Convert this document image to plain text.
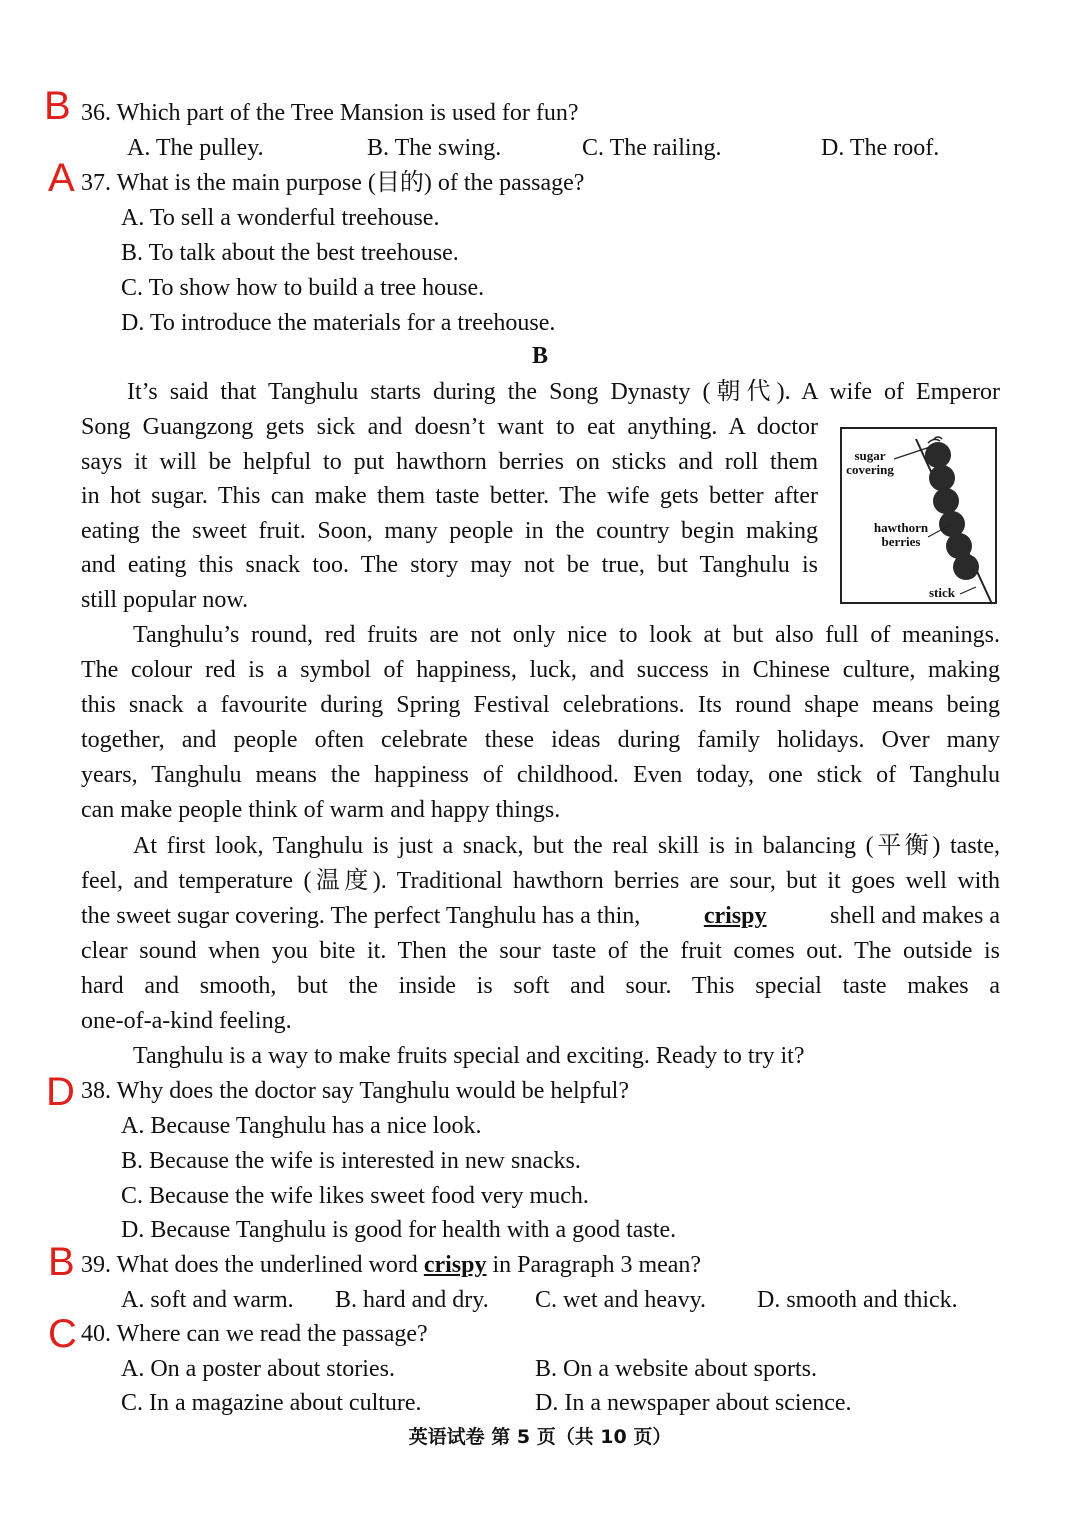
B 36. Which part of the Tree Mansion is used for fun?
A. The pulley.	B. The swing.	C. The railing.	D. The roof.
A 37. What is the main purpose (目的) of the passage?
A. To sell a wonderful treehouse.
B. To talk about the best treehouse.
C. To show how to build a tree house.
D. To introduce the materials for a treehouse.
B
It’s said that Tanghulu starts during the Song Dynasty (朝代). A wife of Emperor
Song Guangzong gets sick and doesn’t want to eat anything. A doctor
says it will be helpful to put hawthorn berries on sticks and roll them
in hot sugar. This can make them taste better. The wife gets better after
eating the sweet fruit. Soon, many people in the country begin making
and eating this snack too. The story may not be true, but Tanghulu is
still popular now.
sugar covering
hawthorn berries
stick
Tanghulu’s round, red fruits are not only nice to look at but also full of meanings.
The colour red is a symbol of happiness, luck, and success in Chinese culture, making
this snack a favourite during Spring Festival celebrations. Its round shape means being
together, and people often celebrate these ideas during family holidays. Over many
years, Tanghulu means the happiness of childhood. Even today, one stick of Tanghulu
can make people think of warm and happy things.
At first look, Tanghulu is just a snack, but the real skill is in balancing (平衡) taste,
feel, and temperature (温度). Traditional hawthorn berries are sour, but it goes well with
the sweet sugar covering. The perfect Tanghulu has a thin,	crispy	shell and makes a
clear sound when you bite it. Then the sour taste of the fruit comes out. The outside is
hard and smooth, but the inside is soft and sour. This special taste makes a
one-of-a-kind feeling.
Tanghulu is a way to make fruits special and exciting. Ready to try it?
D 38. Why does the doctor say Tanghulu would be helpful?
A. Because Tanghulu has a nice look.
B. Because the wife is interested in new snacks.
C. Because the wife likes sweet food very much.
D. Because Tanghulu is good for health with a good taste.
B 39. What does the underlined word crispy in Paragraph 3 mean?
A. soft and warm. B. hard and dry. C. wet and heavy. D. smooth and thick.
C 40. Where can we read the passage?
A. On a poster about stories.	B. On a website about sports.
C. In a magazine about culture.	D. In a newspaper about science.
英语试卷 第 5 页（共 10 页）
